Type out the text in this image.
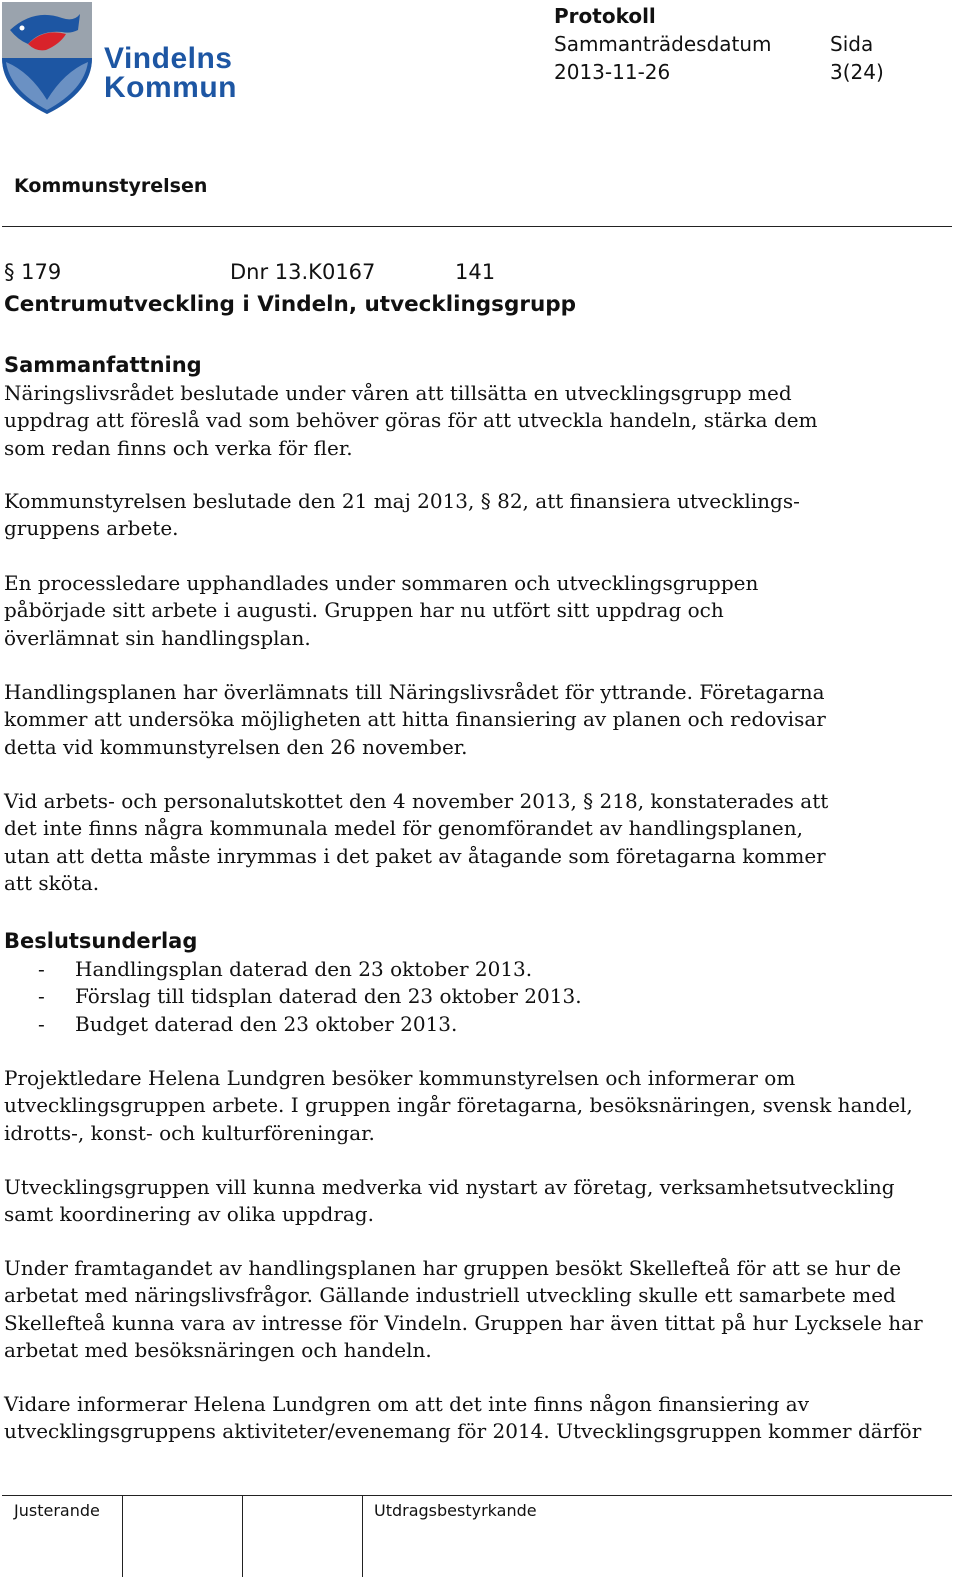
Vindelns
Kommun
Protokoll
Sammanträdesdatum
2013-11-26
Sida
3(24)
Kommunstyrelsen
§ 179	Dnr 13.K0167	141
Centrumutveckling i Vindeln, utvecklingsgrupp
Sammanfattning
Näringslivsrådet beslutade under våren att tillsätta en utvecklingsgrupp med
uppdrag att föreslå vad som behöver göras för att utveckla handeln, stärka dem
som redan finns och verka för fler.
Kommunstyrelsen beslutade den 21 maj 2013, § 82, att finansiera utvecklings-
gruppens arbete.
En processledare upphandlades under sommaren och utvecklingsgruppen
påbörjade sitt arbete i augusti. Gruppen har nu utfört sitt uppdrag och
överlämnat sin handlingsplan.
Handlingsplanen har överlämnats till Näringslivsrådet för yttrande. Företagarna
kommer att undersöka möjligheten att hitta finansiering av planen och redovisar
detta vid kommunstyrelsen den 26 november.
Vid arbets- och personalutskottet den 4 november 2013, § 218, konstaterades att
det inte finns några kommunala medel för genomförandet av handlingsplanen,
utan att detta måste inrymmas i det paket av åtagande som företagarna kommer
att sköta.
Beslutsunderlag
-	Handlingsplan daterad den 23 oktober 2013.
-	Förslag till tidsplan daterad den 23 oktober 2013.
-	Budget daterad den 23 oktober 2013.
Projektledare Helena Lundgren besöker kommunstyrelsen och informerar om
utvecklingsgruppen arbete. I gruppen ingår företagarna, besöksnäringen, svensk handel,
idrotts-, konst- och kulturföreningar.
Utvecklingsgruppen vill kunna medverka vid nystart av företag, verksamhetsutveckling
samt koordinering av olika uppdrag.
Under framtagandet av handlingsplanen har gruppen besökt Skellefteå för att se hur de
arbetat med näringslivsfrågor. Gällande industriell utveckling skulle ett samarbete med
Skellefteå kunna vara av intresse för Vindeln. Gruppen har även tittat på hur Lycksele har
arbetat med besöksnäringen och handeln.
Vidare informerar Helena Lundgren om att det inte finns någon finansiering av
utvecklingsgruppens aktiviteter/evenemang för 2014. Utvecklingsgruppen kommer därför
Justerande	Utdragsbestyrkande
